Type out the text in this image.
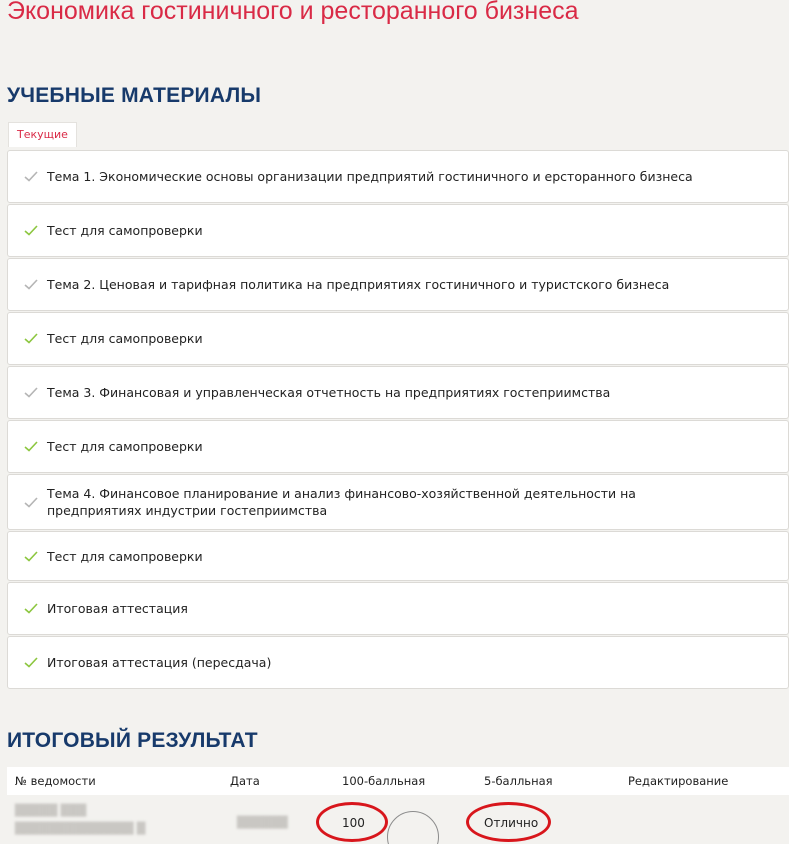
Экономика гостиничного и ресторанного бизнеса
УЧЕБНЫЕ МАТЕРИАЛЫ
Текущие
Тема 1. Экономические основы организации предприятий гостиничного и ерсторанного бизнеса
Тест для самопроверки
Тема 2. Ценовая и тарифная политика на предприятиях гостиничного и туристского бизнеса
Тест для самопроверки
Тема 3. Финансовая и управленческая отчетность на предприятиях гостеприимства
Тест для самопроверки
Тема 4. Финансовое планирование и анализ финансово-хозяйственной деятельности на предприятиях индустрии гостеприимства
Тест для самопроверки
Итоговая аттестация
Итоговая аттестация (пересдача)
ИТОГОВЫЙ РЕЗУЛЬТАТ
№ ведомости	Дата	100-балльная	5-балльная	Редактирование
█████ ███
██████████████ █	██████	100	Отлично
